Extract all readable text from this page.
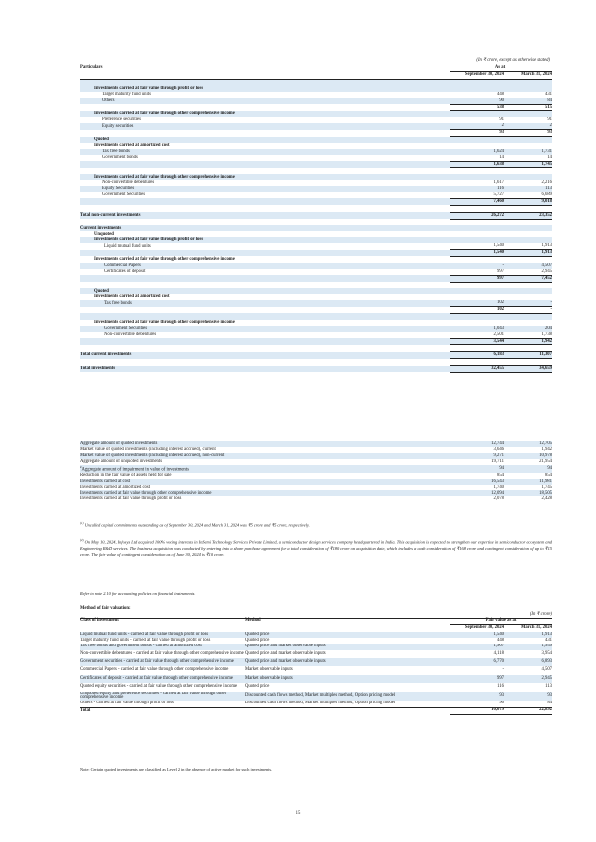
(In ₹ crore, except as otherwise stated)
Particulars	As at
September 30, 2024	March 31, 2024

Investments carried at fair value through profit or loss		
Target maturity fund units	448	431
Others	90	84
	538	515
Investments carried at fair value through other comprehensive income		
Preference securities	91	91
Equity securities	2	2
	93	93
Quoted		
Investments carried at amortized cost		
Tax free bonds	1,624	1,731
Government bonds	14	14
	1,638	1,745

Investments carried at fair value through other comprehensive income		
Non-convertible debentures	1,617	2,216
Equity Securities	116	113
Government Securities	5,727	6,689
	7,460	9,018

Total non-current investments	26,272	23,352

Current investments		
Unquoted		
Investments carried at fair value through profit or loss		
Liquid mutual fund units	1,540	1,913
	1,540	1,913
Investments carried at fair value through other comprehensive income		
Commercial Papers	-	4,507
Certificates of deposit	997	2,945
	997	7,452

Quoted		
Investments carried at amortized cost		
Tax free bonds	102	-
	102	-

Investments carried at fair value through other comprehensive income		
Government Securities	1,043	204
Non-convertible debentures	2,501	1,738
	3,544	1,942

Total current investments	6,183	11,307

Total investments	32,455	34,659
Aggregate amount of quoted investments	12,744	12,705
Market value of quoted investments (including interest accrued), current	3,646	1,942
Market value of quoted investments (including interest accrued), non-current	9,271	10,978
Aggregate amount of unquoted investments	19,711	21,954
#Aggregate amount of impairment in value of investments	94	94
Reduction in the fair value of assets held for sale	854	854
Investments carried at cost	16,543	11,981
Investments carried at amortized cost	1,740	1,745
Investments carried at fair value through other comprehensive income	12,094	18,505
Investments carried at fair value through profit or loss	2,078	2,428
$^{(1)}$ Uncalled capital commitments outstanding as of September 30, 2024 and March 31, 2024 was ₹5 crore and ₹5 crore, respectively.
$^{(2)}$ On May 10, 2024, Infosys Ltd acquired 100% voting interests in InSemi Technology Services Private Limited, a semiconductor design services company headquartered in India. This acquisition is expected to strengthen our expertise in semiconductor ecosystem and Engineering R&D services. The business acquisition was conducted by entering into a share purchase agreement for a total consideration of ₹180 crore on acquisition date, which includes a cash consideration of ₹168 crore and contingent consideration of up to ₹15 crore. The fair value of contingent consideration as of June 30, 2024 is ₹10 crore.
Refer to note 2.10 for accounting policies on financial instruments.
Method of fair valuation:
(In ₹ crore)
Class of investment	Method	Fair value as at
September 30, 2024	March 31, 2024
Liquid mutual fund units - carried at fair value through profit or loss	Quoted price	1,540	1,913
Target maturity fund units - carried at fair value through profit or loss	Quoted price	448	431
Tax free bonds and government bonds - carried at amortized cost	Quoted price and market observable inputs	1,907	1,959
Non-convertible debentures - carried at fair value through other comprehensive income	Quoted price and market observable inputs	4,118	3,954
Government securities - carried at fair value through other comprehensive income	Quoted price and market observable inputs	6,770	6,893
Commercial Papers - carried at fair value through other comprehensive income	Market observable inputs	-	4,507
Certificates of deposit - carried at fair value through other comprehensive income	Market observable inputs	997	2,945
Quoted equity securities - carried at fair value through other comprehensive income	Quoted price	116	113
Unquoted equity and preference securities - carried at fair value through other comprehensive income	Discounted cash flows method, Market multiples method, Option pricing model	93	93
Others - carried at fair value through profit or loss	Discounted cash flows method, Market multiples method, Option pricing model	90	84
Total		16,079	22,892
Note: Certain quoted investments are classified as Level 2 in the absence of active market for such investments.
15
